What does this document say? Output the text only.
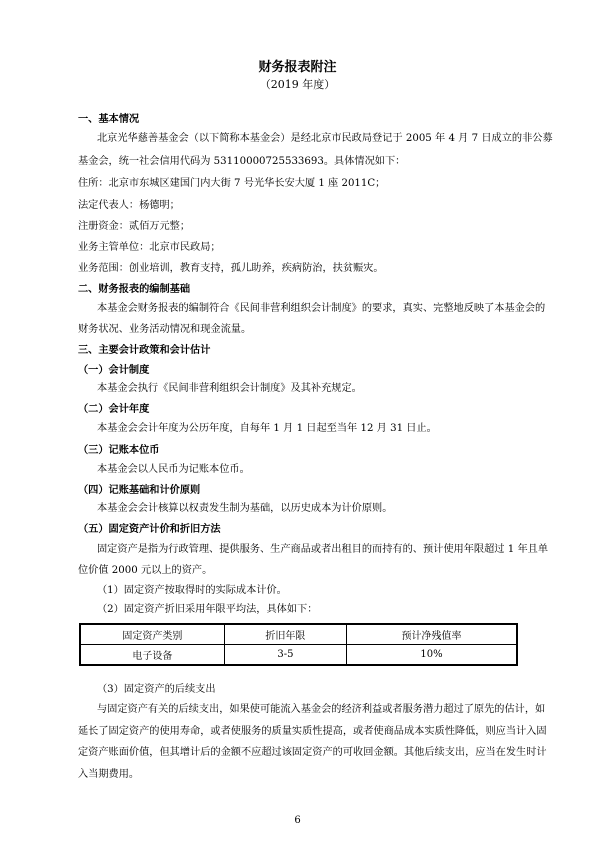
财务报表附注
（2019 年度）
一、基本情况
北京光华慈善基金会（以下简称本基金会）是经北京市民政局登记于 2005 年 4 月 7 日成立的非公募
基金会，统一社会信用代码为 53110000725533693。具体情况如下：
住所：北京市东城区建国门内大街 7 号光华长安大厦 1 座 2011C；
法定代表人：杨德明；
注册资金：贰佰万元整；
业务主管单位：北京市民政局；
业务范围：创业培训，教育支持，孤儿助养，疾病防治，扶贫赈灾。
二、财务报表的编制基础
本基金会财务报表的编制符合《民间非营利组织会计制度》的要求，真实、完整地反映了本基金会的
财务状况、业务活动情况和现金流量。
三、主要会计政策和会计估计
（一）会计制度
本基金会执行《民间非营利组织会计制度》及其补充规定。
（二）会计年度
本基金会会计年度为公历年度，自每年 1 月 1 日起至当年 12 月 31 日止。
（三）记账本位币
本基金会以人民币为记账本位币。
（四）记账基础和计价原则
本基金会会计核算以权责发生制为基础，以历史成本为计价原则。
（五）固定资产计价和折旧方法
固定资产是指为行政管理、提供服务、生产商品或者出租目的而持有的、预计使用年限超过 1 年且单
位价值 2000 元以上的资产。
（1）固定资产按取得时的实际成本计价。
（2）固定资产折旧采用年限平均法，具体如下：
固定资产类别	折旧年限	预计净残值率
电子设备	3-5	10%
（3）固定资产的后续支出
与固定资产有关的后续支出，如果使可能流入基金会的经济利益或者服务潜力超过了原先的估计，如
延长了固定资产的使用寿命，或者使服务的质量实质性提高，或者使商品成本实质性降低，则应当计入固
定资产账面价值，但其增计后的金额不应超过该固定资产的可收回金额。其他后续支出，应当在发生时计
入当期费用。
6
